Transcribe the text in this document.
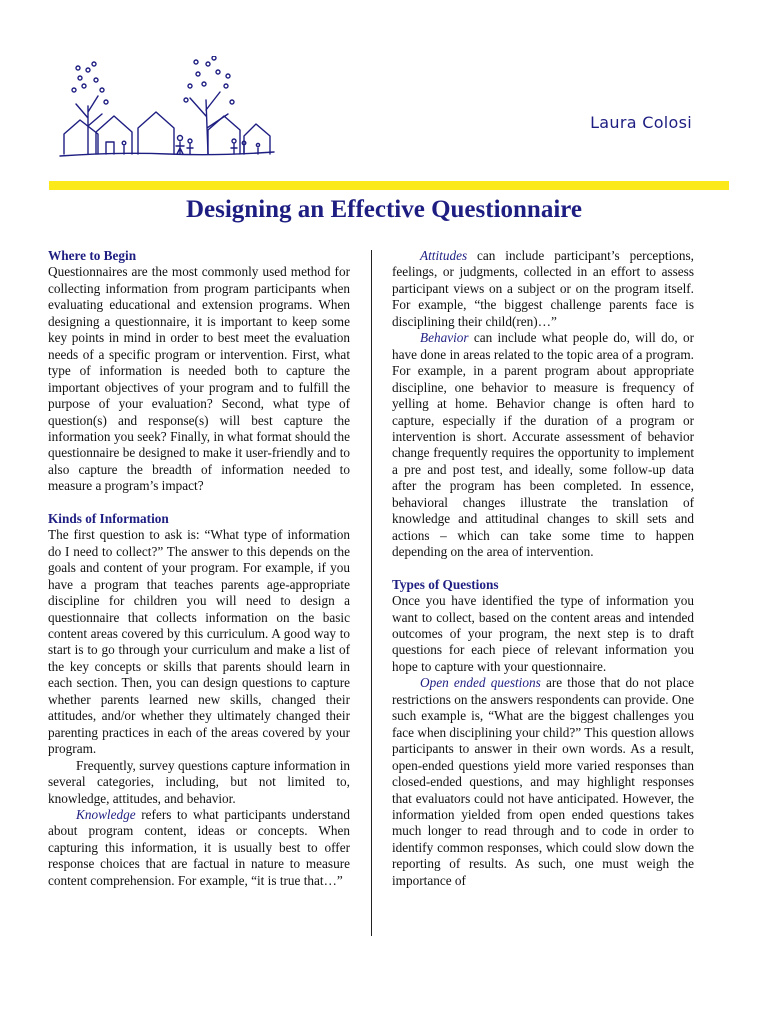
Laura Colosi
Designing an Effective Questionnaire
Where to Begin

Questionnaires are the most commonly used method for collecting information from program participants when evaluating educational and extension programs. When designing a questionnaire, it is important to keep some key points in mind in order to best meet the evaluation needs of a specific program or intervention. First, what type of information is needed both to capture the important objectives of your program and to fulfill the purpose of your evaluation? Second, what type of question(s) and response(s) will best capture the information you seek? Finally, in what format should the questionnaire be designed to make it user-friendly and to also capture the breadth of information needed to measure a program’s impact?

Kinds of Information

The first question to ask is: “What type of information do I need to collect?” The answer to this depends on the goals and content of your program. For example, if you have a program that teaches parents age-appropriate discipline for children you will need to design a questionnaire that collects information on the basic content areas covered by this curriculum. A good way to start is to go through your curriculum and make a list of the key concepts or skills that parents should learn in each section. Then, you can design questions to capture whether parents learned new skills, changed their attitudes, and/or whether they ultimately changed their parenting practices in each of the areas covered by your program.

Frequently, survey questions capture information in several categories, including, but not limited to, knowledge, attitudes, and behavior.

Knowledge refers to what participants understand about program content, ideas or concepts. When capturing this information, it is usually best to offer response choices that are factual in nature to measure content comprehension. For example, “it is true that…”

Attitudes can include participant’s perceptions, feelings, or judgments, collected in an effort to assess participant views on a subject or on the program itself. For example, “the biggest challenge parents face is disciplining their child(ren)…”

Behavior can include what people do, will do, or have done in areas related to the topic area of a program. For example, in a parent program about appropriate discipline, one behavior to measure is frequency of yelling at home. Behavior change is often hard to capture, especially if the duration of a program or intervention is short. Accurate assessment of behavior change frequently requires the opportunity to implement a pre and post test, and ideally, some follow-up data after the program has been completed. In essence, behavioral changes illustrate the translation of knowledge and attitudinal changes to skill sets and actions – which can take some time to happen depending on the area of intervention.

Types of Questions

Once you have identified the type of information you want to collect, based on the content areas and intended outcomes of your program, the next step is to draft questions for each piece of relevant information you hope to capture with your questionnaire.

Open ended questions are those that do not place restrictions on the answers respondents can provide. One such example is, “What are the biggest challenges you face when disciplining your child?” This question allows participants to answer in their own words. As a result, open-ended questions yield more varied responses than closed-ended questions, and may highlight responses that evaluators could not have anticipated. However, the information yielded from open ended questions takes much longer to read through and to code in order to identify common responses, which could slow down the reporting of results. As such, one must weigh the importance of
